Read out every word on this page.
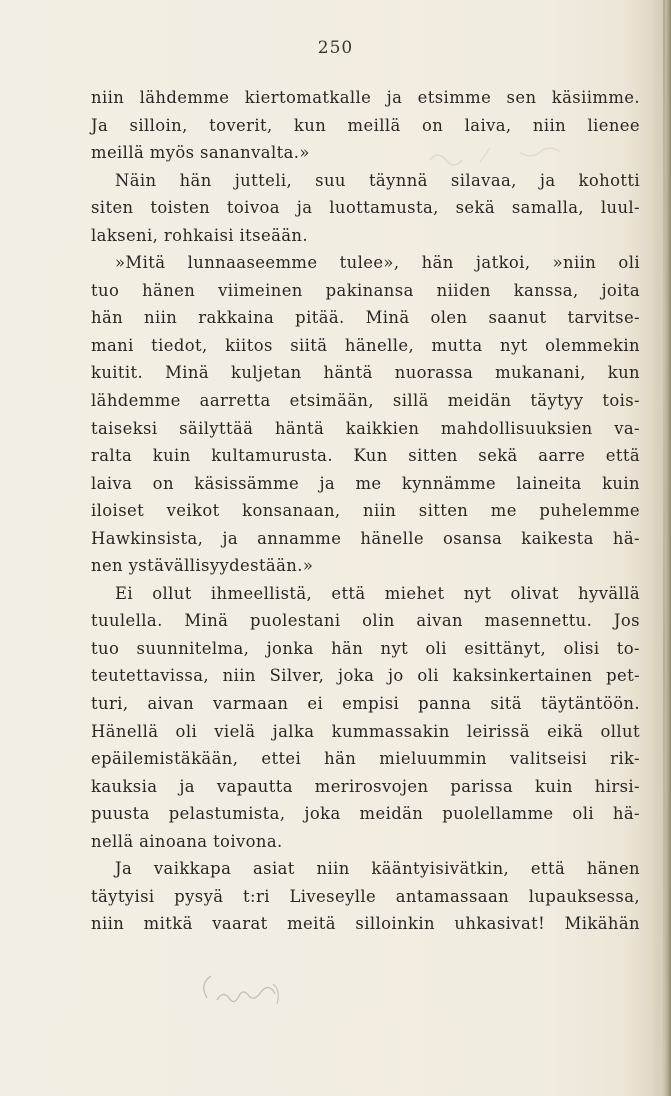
250
niin lähdemme kiertomatkalle ja etsimme sen käsiimme.
Ja silloin, toverit, kun meillä on laiva, niin lienee
meillä myös sananvalta.»
Näin hän jutteli, suu täynnä silavaa, ja kohotti
siten toisten toivoa ja luottamusta, sekä samalla, luul-
lakseni, rohkaisi itseään.
»Mitä lunnaaseemme tulee», hän jatkoi, »niin oli
tuo hänen viimeinen pakinansa niiden kanssa, joita
hän niin rakkaina pitää. Minä olen saanut tarvitse-
mani tiedot, kiitos siitä hänelle, mutta nyt olemmekin
kuitit. Minä kuljetan häntä nuorassa mukanani, kun
lähdemme aarretta etsimään, sillä meidän täytyy tois-
taiseksi säilyttää häntä kaikkien mahdollisuuksien va-
ralta kuin kultamurusta. Kun sitten sekä aarre että
laiva on käsissämme ja me kynnämme laineita kuin
iloiset veikot konsanaan, niin sitten me puhelemme
Hawkinsista, ja annamme hänelle osansa kaikesta hä-
nen ystävällisyydestään.»
Ei ollut ihmeellistä, että miehet nyt olivat hyvällä
tuulella. Minä puolestani olin aivan masennettu. Jos
tuo suunnitelma, jonka hän nyt oli esittänyt, olisi to-
teutettavissa, niin Silver, joka jo oli kaksinkertainen pet-
turi, aivan varmaan ei empisi panna sitä täytäntöön.
Hänellä oli vielä jalka kummassakin leirissä eikä ollut
epäilemistäkään, ettei hän mieluummin valitseisi rik-
kauksia ja vapautta merirosvojen parissa kuin hirsi-
puusta pelastumista, joka meidän puolellamme oli hä-
nellä ainoana toivona.
Ja vaikkapa asiat niin kääntyisivätkin, että hänen
täytyisi pysyä t:ri Liveseylle antamassaan lupauksessa,
niin mitkä vaarat meitä silloinkin uhkasivat! Mikähän
